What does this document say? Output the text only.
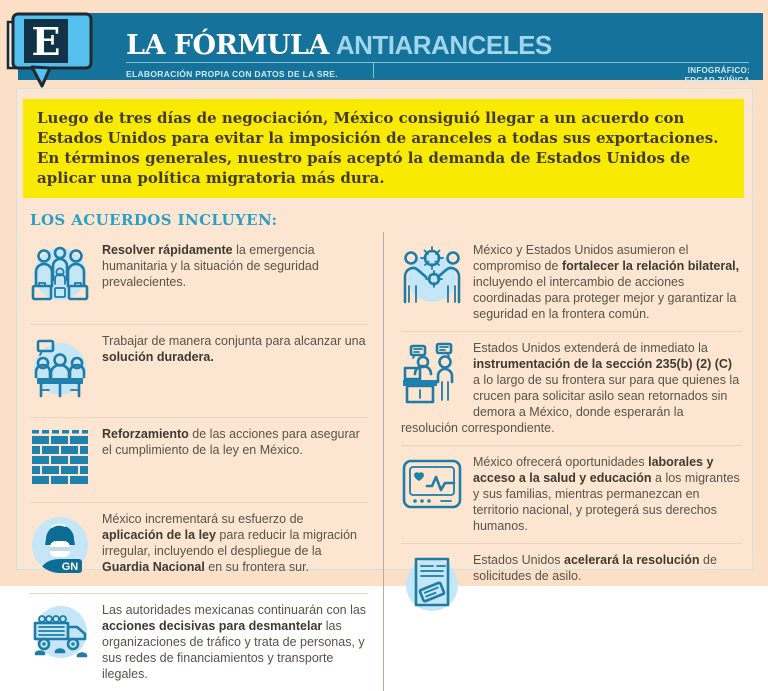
LA FÓRMULA ANTIARANCELES
ELABORACIÓN PROPIA CON DATOS DE LA SRE.	INFOGRÁFICO:
EDGAR ZÚÑIGA
E
Luego de tres días de negociación, México consiguió llegar a un acuerdo con Estados Unidos para evitar la imposición de aranceles a todas sus exportaciones. En términos generales, nuestro país aceptó la demanda de Estados Unidos de aplicar una política migratoria más dura.
LOS ACUERDOS INCLUYEN:

Resolver rápidamente la emergencia humanitaria y la situación de seguridad prevalecientes.

Trabajar de manera conjunta para alcanzar una solución duradera.

Reforzamiento de las acciones para asegurar el cumplimiento de la ley en México.

GN

México incrementará su esfuerzo de aplicación de la ley para reducir la migración irregular, incluyendo el despliegue de la Guardia Nacional en su frontera sur.

Las autoridades mexicanas continuarán con las acciones decisivas para desmantelar las organizaciones de tráfico y trata de personas, y sus redes de financiamientos y transporte ilegales.

México y Estados Unidos asumieron el compromiso de fortalecer la relación bilateral, incluyendo el intercambio de acciones coordinadas para proteger mejor y garantizar la seguridad en la frontera común.

Estados Unidos extenderá de inmediato la instrumentación de la sección 235(b) (2) (C) a lo largo de su frontera sur para que quienes la crucen para solicitar asilo sean retornados sin demora a México, donde esperarán la resolución correspondiente.

México ofrecerá oportunidades laborales y acceso a la salud y educación a los migrantes y sus familias, mientras permanezcan en territorio nacional, y protegerá sus derechos humanos.

Estados Unidos acelerará la resolución de solicitudes de asilo.
